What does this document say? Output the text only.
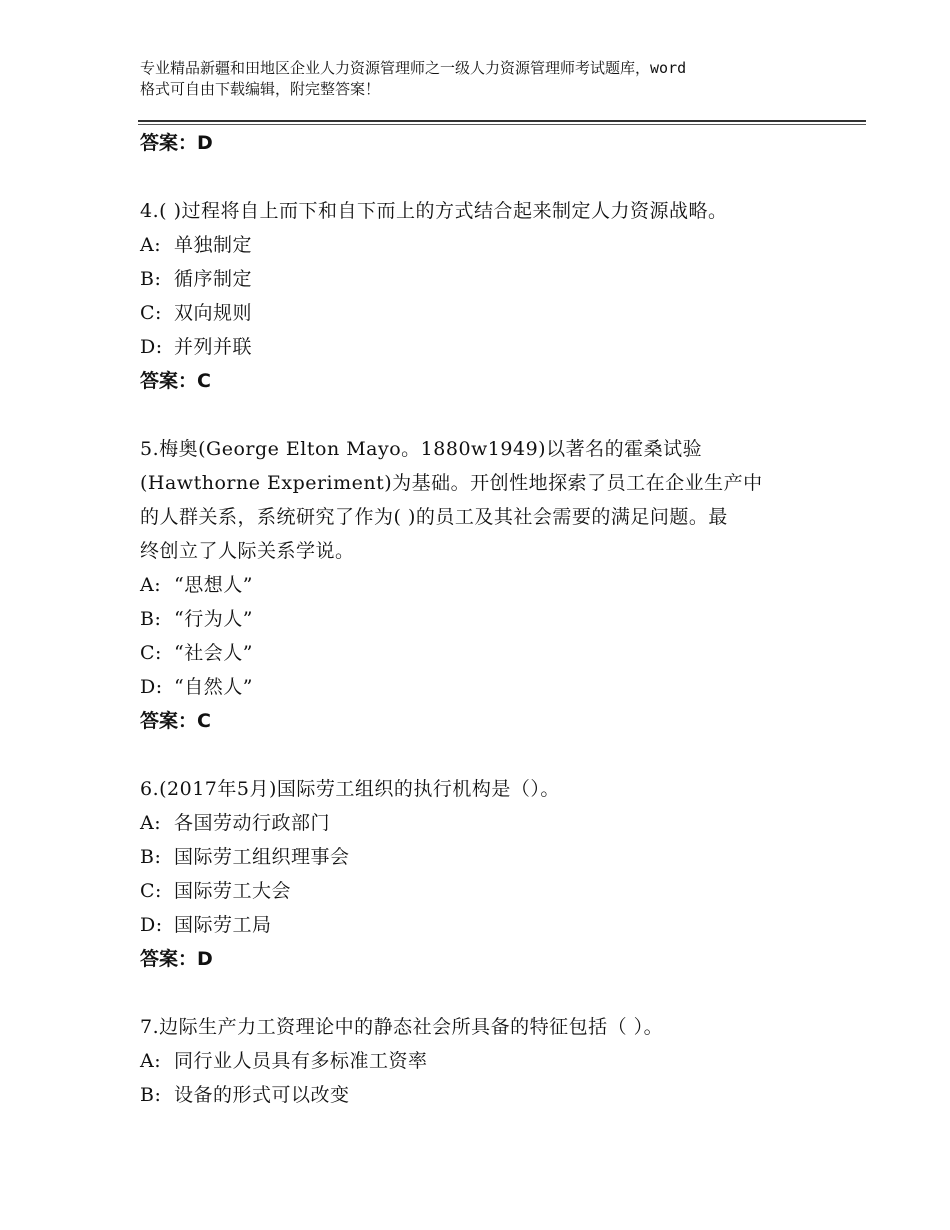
专业精品新疆和田地区企业人力资源管理师之一级人力资源管理师考试题库，word
格式可自由下载编辑，附完整答案！
答案：D
4.( )过程将自上而下和自下而上的方式结合起来制定人力资源战略。
A: 单独制定
B: 循序制定
C: 双向规则
D: 并列并联
答案：C
5.梅奥(George Elton Mayo。1880w1949)以著名的霍桑试验
(Hawthorne Experiment)为基础。开创性地探索了员工在企业生产中
的人群关系，系统研究了作为( )的员工及其社会需要的满足问题。最
终创立了人际关系学说。
A: “思想人”
B: “行为人”
C: “社会人”
D: “自然人”
答案：C
6.(2017年5月)国际劳工组织的执行机构是（）。
A: 各国劳动行政部门
B: 国际劳工组织理事会
C: 国际劳工大会
D: 国际劳工局
答案：D
7.边际生产力工资理论中的静态社会所具备的特征包括（ ）。
A: 同行业人员具有多标准工资率
B: 设备的形式可以改变
